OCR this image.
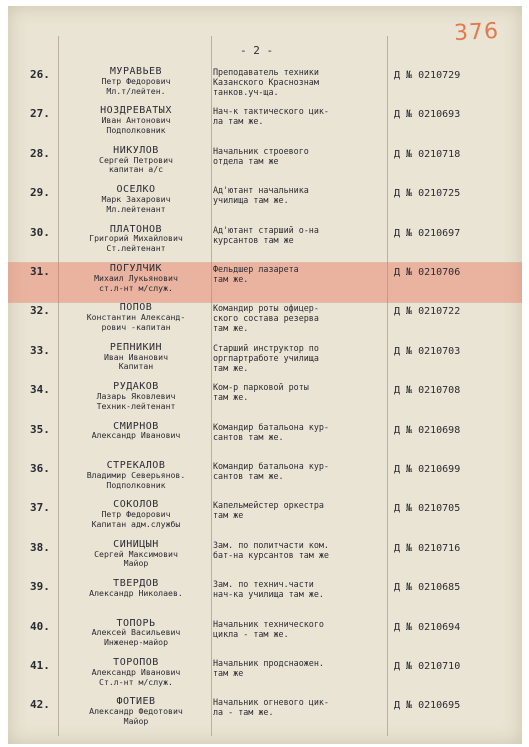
376
- 2 -
26.	МУРАВЬЕВ
Петр Федорович
Мл.т/лейтен.
Преподаватель техники
Казанского Краснознам
танков.уч-ща.
Д № 0210729
27.	НОЗДРЕВАТЫХ
Иван Антонович
Подполковник
Нач-к тактического цик-
ла там же.
Д № 0210693
28.	НИКУЛОВ
Сергей Петрович
капитан а/с
Начальник строевого
отдела там же
Д № 0210718
29.	ОСЕЛКО
Марк Захарович
Мл.лейтенант
Ад'ютант начальника
училища там же.
Д № 0210725
30.	ПЛАТОНОВ
Григорий Михайлович
Ст.лейтенант
Ад'ютант старший о-на
курсантов там же
Д № 0210697
31.	ПОГУЛЧИК
Михаил Лукьянович
ст.л-нт м/служ.
Фельдшер лазарета
там же.
Д № 0210706
32.	ПОПОВ
Константин Александ-
рович -капитан
Командир роты офицер-
ского состава резерва
там же.
Д № 0210722
33.	РЕПНИКИН
Иван Иванович
Капитан
Старший инструктор по
оргпартработе училища
там же.
Д № 0210703
34.	РУДАКОВ
Лазарь Яковлевич
Техник-лейтенант
Ком-р парковой роты
там же.
Д № 0210708
35.	СМИРНОВ
Александр Иванович
Командир батальона кур-
сантов там же.
Д № 0210698
36.	СТРЕКАЛОВ
Владимир Северьянов.
Подполковник
Командир батальона кур-
сантов там же.
Д № 0210699
37.	СОКОЛОВ
Петр Федорович
Капитан адм.службы
Капельмейстер оркестра
там же
Д № 0210705
38.	СИНИЦЫН
Сергей Максимович
Майор
Зам. по политчасти ком.
бат-на курсантов там же
Д № 0210716
39.	ТВЕРДОВ
Александр Николаев.
Зам. по технич.части
нач-ка училища там же.
Д № 0210685
40.	ТОПОРЬ
Алексей Васильевич
Инженер-майор
Начальник технического
цикла - там же.
Д № 0210694
41.	ТОРОПОВ
Александр Иванович
Ст.л-нт м/служ.
Начальник продснаожен.
там же
Д № 0210710
42.	ФОТИЕВ
Александр Федотович
Майор
Начальник огневого цик-
ла - там же.
Д № 0210695
